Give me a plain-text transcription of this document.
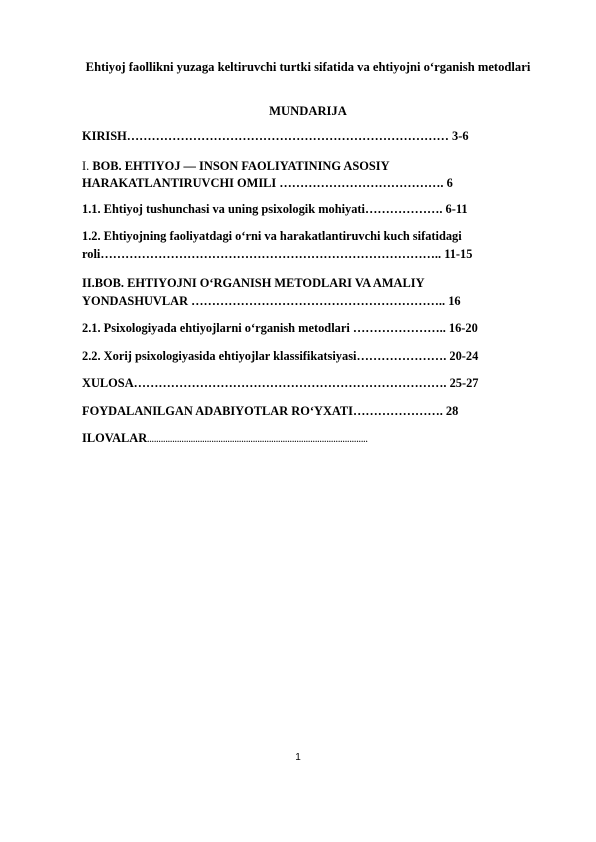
Ehtiyoj faollikni yuzaga keltiruvchi turtki sifatida va ehtiyojni o‘rganish metodlari
MUNDARIJA

KIRISH…………………………………………………………………… 3-6

I. BOB. EHTIYOJ — INSON FAOLIYATINING ASOSIY
HARAKATLANTIRUVCHI OMILI …………………………………. 6

1.1. Ehtiyoj tushunchasi va uning psixologik mohiyati………………. 6-11

1.2. Ehtiyojning faoliyatdagi o‘rni va harakatlantiruvchi kuch sifatidagi
roli……………………………………………………………………….. 11-15

II.BOB. EHTIYOJNI O‘RGANISH METODLARI VA AMALIY
YONDASHUVLAR …………………………………………………….. 16

2.1. Psixologiyada ehtiyojlarni o‘rganish metodlari ………………….. 16-20

2.2. Xorij psixologiyasida ehtiyojlar klassifikatsiyasi…………………. 20-24

XULOSA…………………………………………………………………. 25-27

FOYDALANILGAN ADABIYOTLAR RO‘YXATI…………………. 28

ILOVALAR................................................................................................

1
